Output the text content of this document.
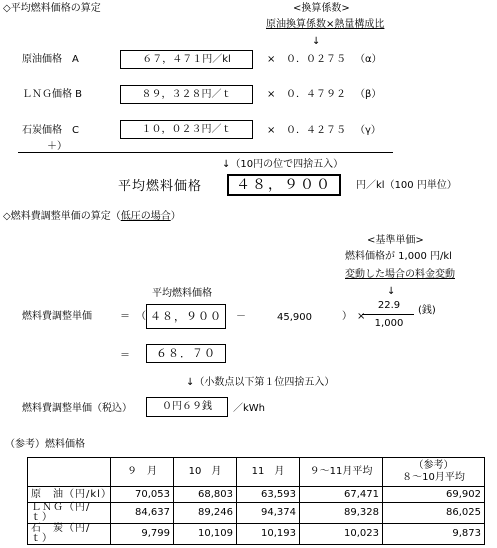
◇平均燃料価格の算定	<換算係数>
原油換算係数×熱量構成比
↓
原油価格　A	６７，４７１円／kl	× ０．０２７５ （α）
ＬＮＧ価格 B	８９，３２８円／ｔ	× ０．４７９２ （β）
石炭価格　C	１０，０２３円／ｔ	× ０．４２７５ （γ）
＋）
↓（10円の位で四捨五入）
平均燃料価格 ４８，９００ 円／kl（100 円単位）
◇燃料費調整単価の算定（低圧の場合）
<基準単価>
燃料価格が 1,000 円/kl
変動した場合の料金変動
↓
平均燃料価格
燃料費調整単価	＝ （ ４８，９００ －	45,900	）　×
22.9
1,000
(銭)
＝ ６８．７０
↓（小数点以下第１位四捨五入）
燃料費調整単価（税込）	０円６９銭 ／kWh
（参考）燃料価格
	９　月	10　月	11　月	９～11月平均	（参考）
８～10月平均
原　油（円/kl）	70,053	68,803	63,593	67,471	69,902
ＬＮＧ（円/ｔ）	84,637	89,246	94,374	89,328	86,025
石　炭（円/ｔ）	9,799	10,109	10,193	10,023	9,873
